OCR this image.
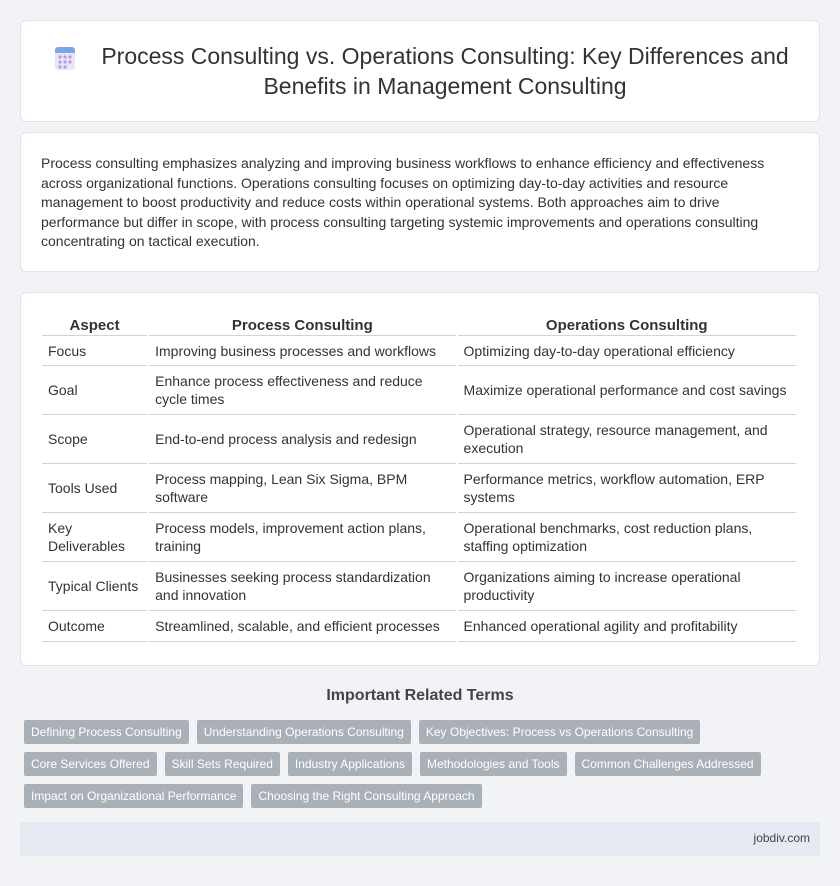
Process Consulting vs. Operations Consulting: Key Differences and Benefits in Management Consulting

Process consulting emphasizes analyzing and improving business workflows to enhance efficiency and effectiveness across organizational functions. Operations consulting focuses on optimizing day-to-day activities and resource management to boost productivity and reduce costs within operational systems. Both approaches aim to drive performance but differ in scope, with process consulting targeting systemic improvements and operations consulting concentrating on tactical execution.

Aspect	Process Consulting	Operations Consulting
Focus	Improving business processes and workflows	Optimizing day-to-day operational efficiency
Goal	Enhance process effectiveness and reduce cycle times	Maximize operational performance and cost savings
Scope	End-to-end process analysis and redesign	Operational strategy, resource management, and execution
Tools Used	Process mapping, Lean Six Sigma, BPM software	Performance metrics, workflow automation, ERP systems
Key Deliverables	Process models, improvement action plans, training	Operational benchmarks, cost reduction plans, staffing optimization
Typical Clients	Businesses seeking process standardization and innovation	Organizations aiming to increase operational productivity
Outcome	Streamlined, scalable, and efficient processes	Enhanced operational agility and profitability
Important Related Terms
Defining Process Consulting	Understanding Operations Consulting	Key Objectives: Process vs Operations Consulting
Core Services Offered	Skill Sets Required	Industry Applications	Methodologies and Tools	Common Challenges Addressed
Impact on Organizational Performance	Choosing the Right Consulting Approach
jobdiv.com
